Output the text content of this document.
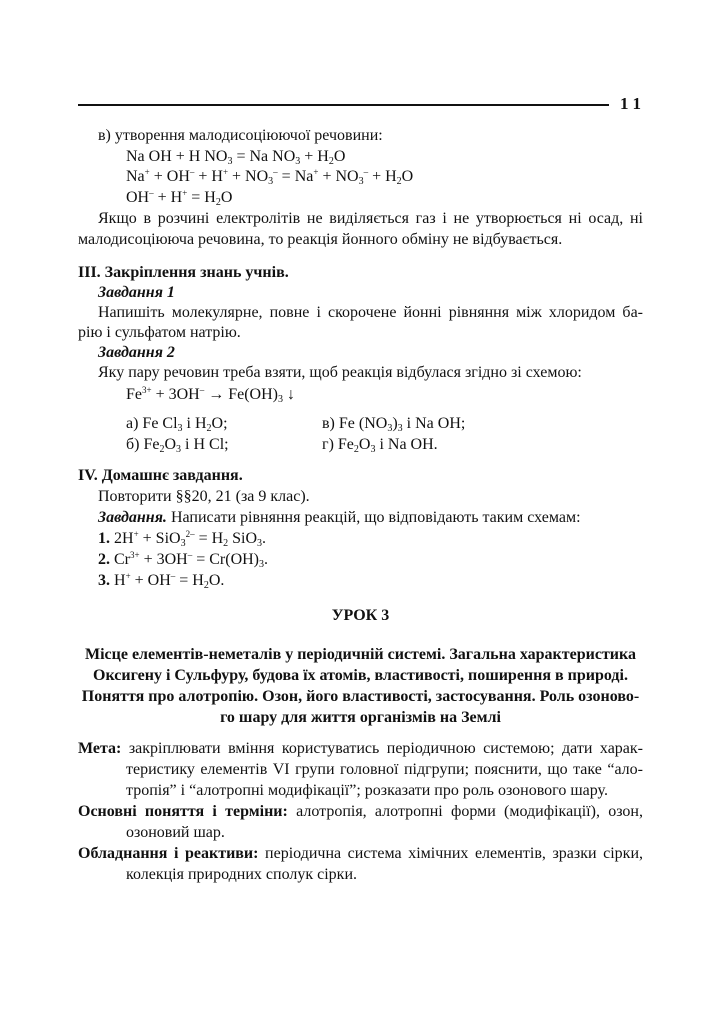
11
в) утворення малодисоціюючої речовини:
Na OH + H $NO_3 = Na$ $NO_3 + H_2O$
$Na^+ + OH^- + H^+ + NO_3^- = Na^+ + NO_3^- + H_2O$
$OH^- + H^+ = H_2O$
Якщо в розчині електролітів не виділяється газ і не утворюється ні осад, ні
малодисоціююча речовина, то реакція йонного обміну не відбувається.
ІІІ. Закріплення знань учнів.
Завдання 1
Напишіть молекулярне, повне і скорочене йонні рівняння між хлоридом ба-
рію і сульфатом натрію.
Завдання 2
Яку пару речовин треба взяти, щоб реакція відбулася згідно зі схемою:
$Fe^{3+} + 3OH^- \to Fe(OH)_3$ ↓
а) Fe $Cl_3$ і $H_2O$;	в) Fe $(NO_3)_3$ і Na OH;
б) $Fe_2O_3$ і H Cl;	г) $Fe_2O_3$ і Na OH.
ІV. Домашнє завдання.
Повторити §§20, 21 (за 9 клас).
Завдання. Написати рівняння реакцій, що відповідають таким схемам:
1. $2H^+ + SiO_3^{2-} = H_2$ SiO$_3$.
2. $Cr^{3+} + 3OH^- = Cr(OH)_3$.
3. $H^+ + OH^- = H_2O$.
УРОК 3
Місце елементів-неметалів у періодичній системі. Загальна характеристика
Оксигену і Сульфуру, будова їх атомів, властивості, поширення в природі.
Поняття про алотропію. Озон, його властивості, застосування. Роль озоново-
го шару для життя організмів на Землі
Мета: закріплювати вміння користуватись періодичною системою; дати харак-
теристику елементів VІ групи головної підгрупи; пояснити, що таке “ало-
тропія” і “алотропні модифікації”; розказати про роль озонового шару.
Основні поняття і терміни: алотропія, алотропні форми (модифікації), озон,
озоновий шар.
Обладнання і реактиви: періодична система хімічних елементів, зразки сірки,
колекція природних сполук сірки.
